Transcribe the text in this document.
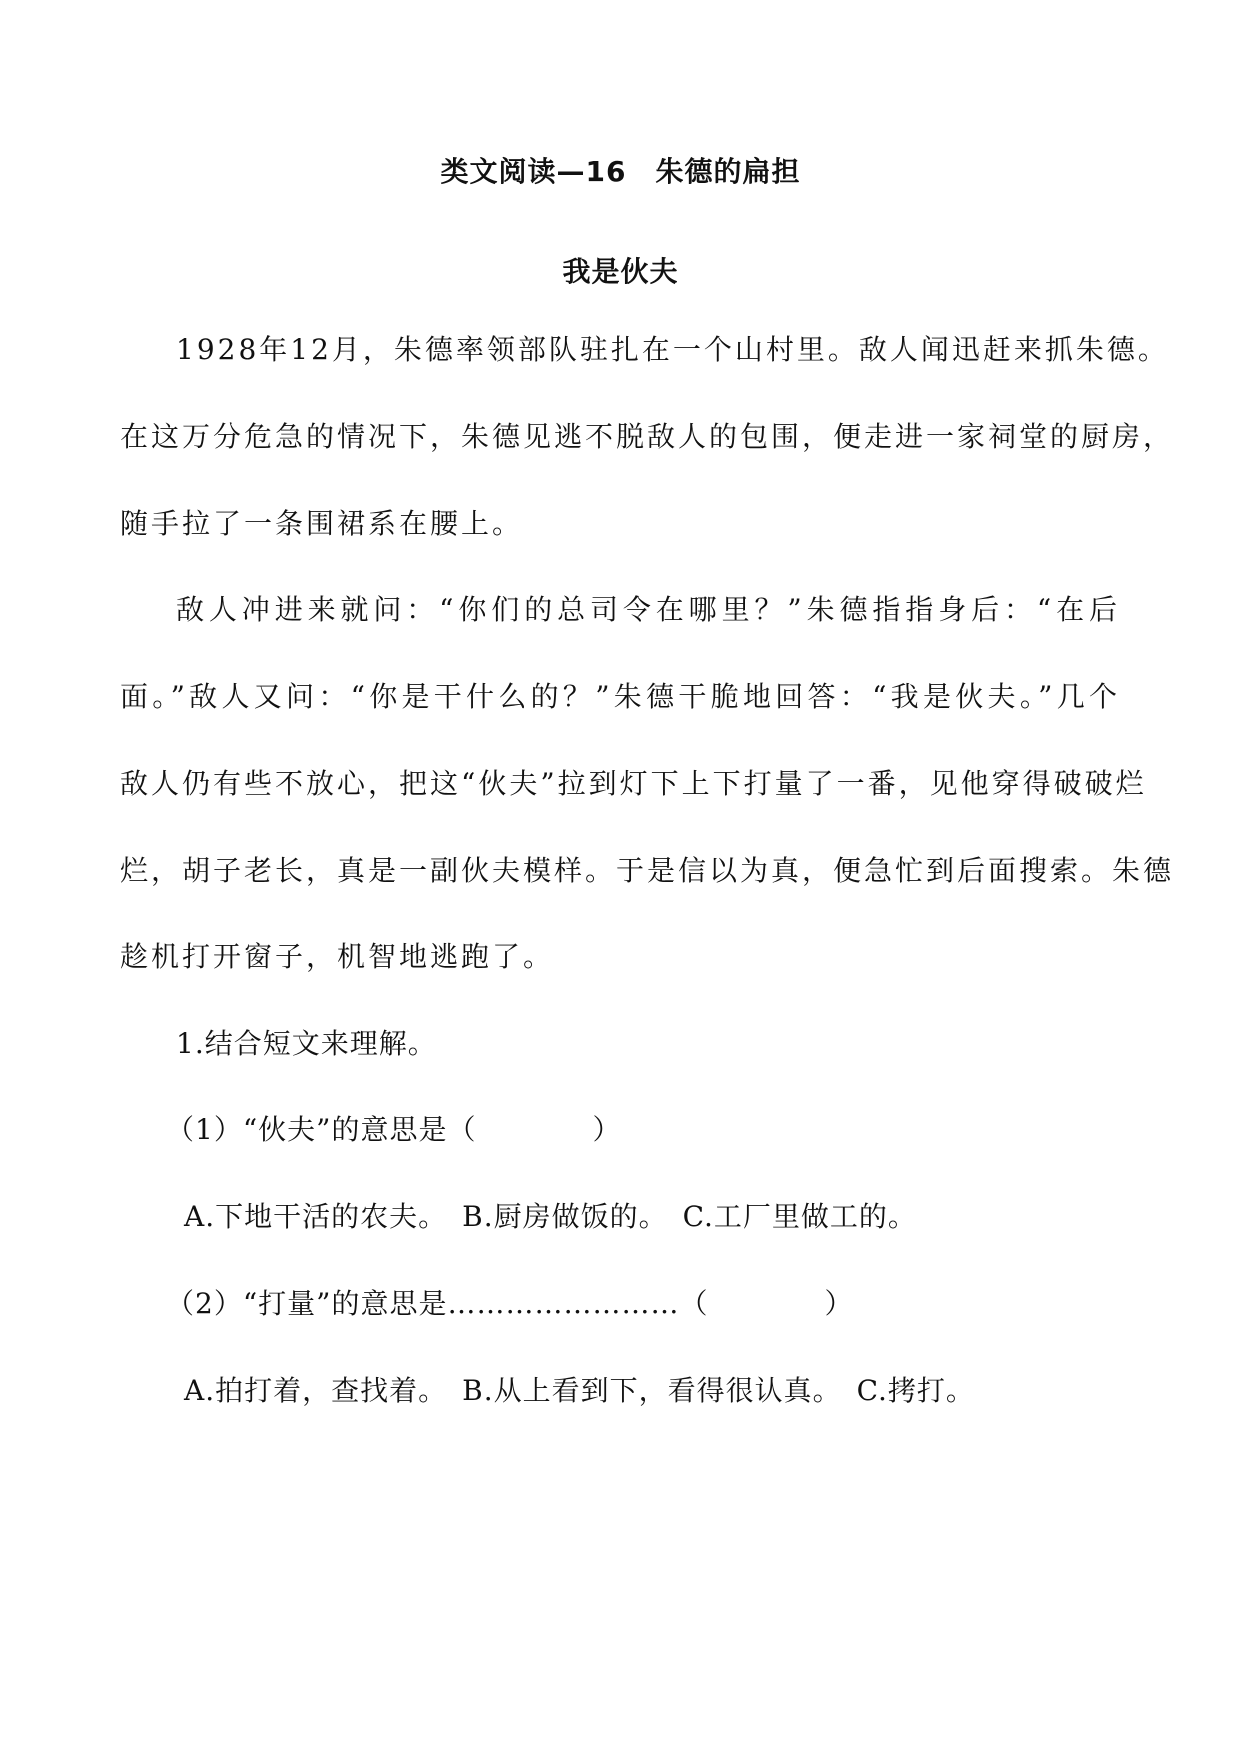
类文阅读—16　朱德的扁担
我是伙夫

1928年12月，朱德率领部队驻扎在一个山村里。敌人闻迅赶来抓朱德。

在这万分危急的情况下，朱德见逃不脱敌人的包围，便走进一家祠堂的厨房，

随手拉了一条围裙系在腰上。

敌人冲进来就问：“你们的总司令在哪里？”朱德指指身后：“在后

面。”敌人又问：“你是干什么的？”朱德干脆地回答：“我是伙夫。”几个

敌人仍有些不放心，把这“伙夫”拉到灯下上下打量了一番，见他穿得破破烂

烂，胡子老长，真是一副伙夫模样。于是信以为真，便急忙到后面搜索。朱德

趁机打开窗子，机智地逃跑了。

1.结合短文来理解。

（1）“伙夫”的意思是（　　　　）

A.下地干活的农夫。　B.厨房做饭的。　C.工厂里做工的。

（2）“打量”的意思是……………………（　　　　）

A.拍打着，查找着。　B.从上看到下，看得很认真。　C.拷打。
